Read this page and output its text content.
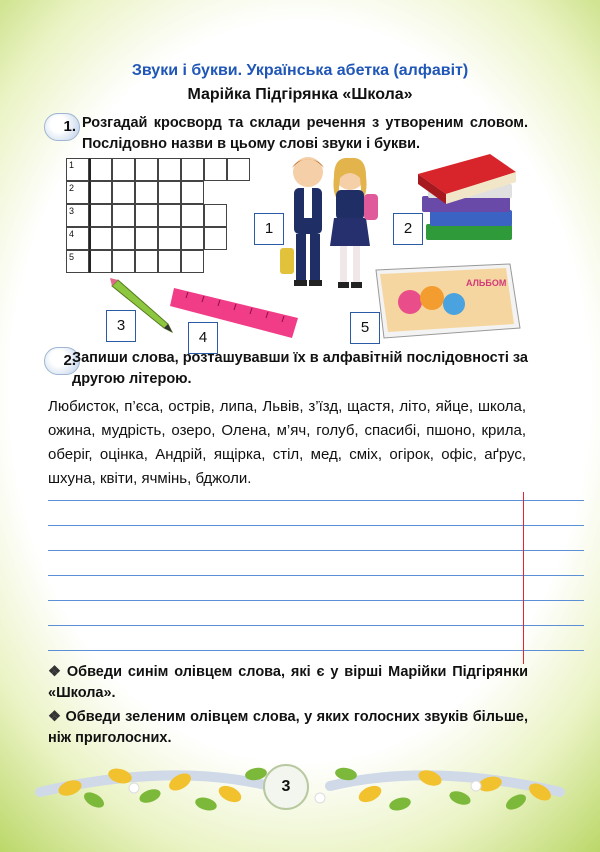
Звуки і букви. Українська абетка (алфавіт)
Марійка Підгірянка «Школа»
1. Розгадай кросворд та склади речення з утвореним словом. Послідовно назви в цьому слові звуки і букви.
1
2
3
4
5
АЛЬБОМ
1	2
3
4
5
2.
Запиши слова, розташувавши їх в алфавітній послідовності за другою літерою.
Любисток, п’єса, острів, липа, Львів, з’їзд, щастя, літо, яйце, школа, ожина, мудрість, озеро, Олена, м’яч, голуб, спасибі, пшоно, крила, оберіг, оцінка, Андрій, ящірка, стіл, мед, сміх, огірок, офіс, аґрус, шхуна, квіти, ячмінь, бджоли.
❖ Обведи синім олівцем слова, які є у вірші Марійки Підгірянки «Школа».
❖ Обведи зеленим олівцем слова, у яких голосних звуків більше, ніж приголосних.
3
